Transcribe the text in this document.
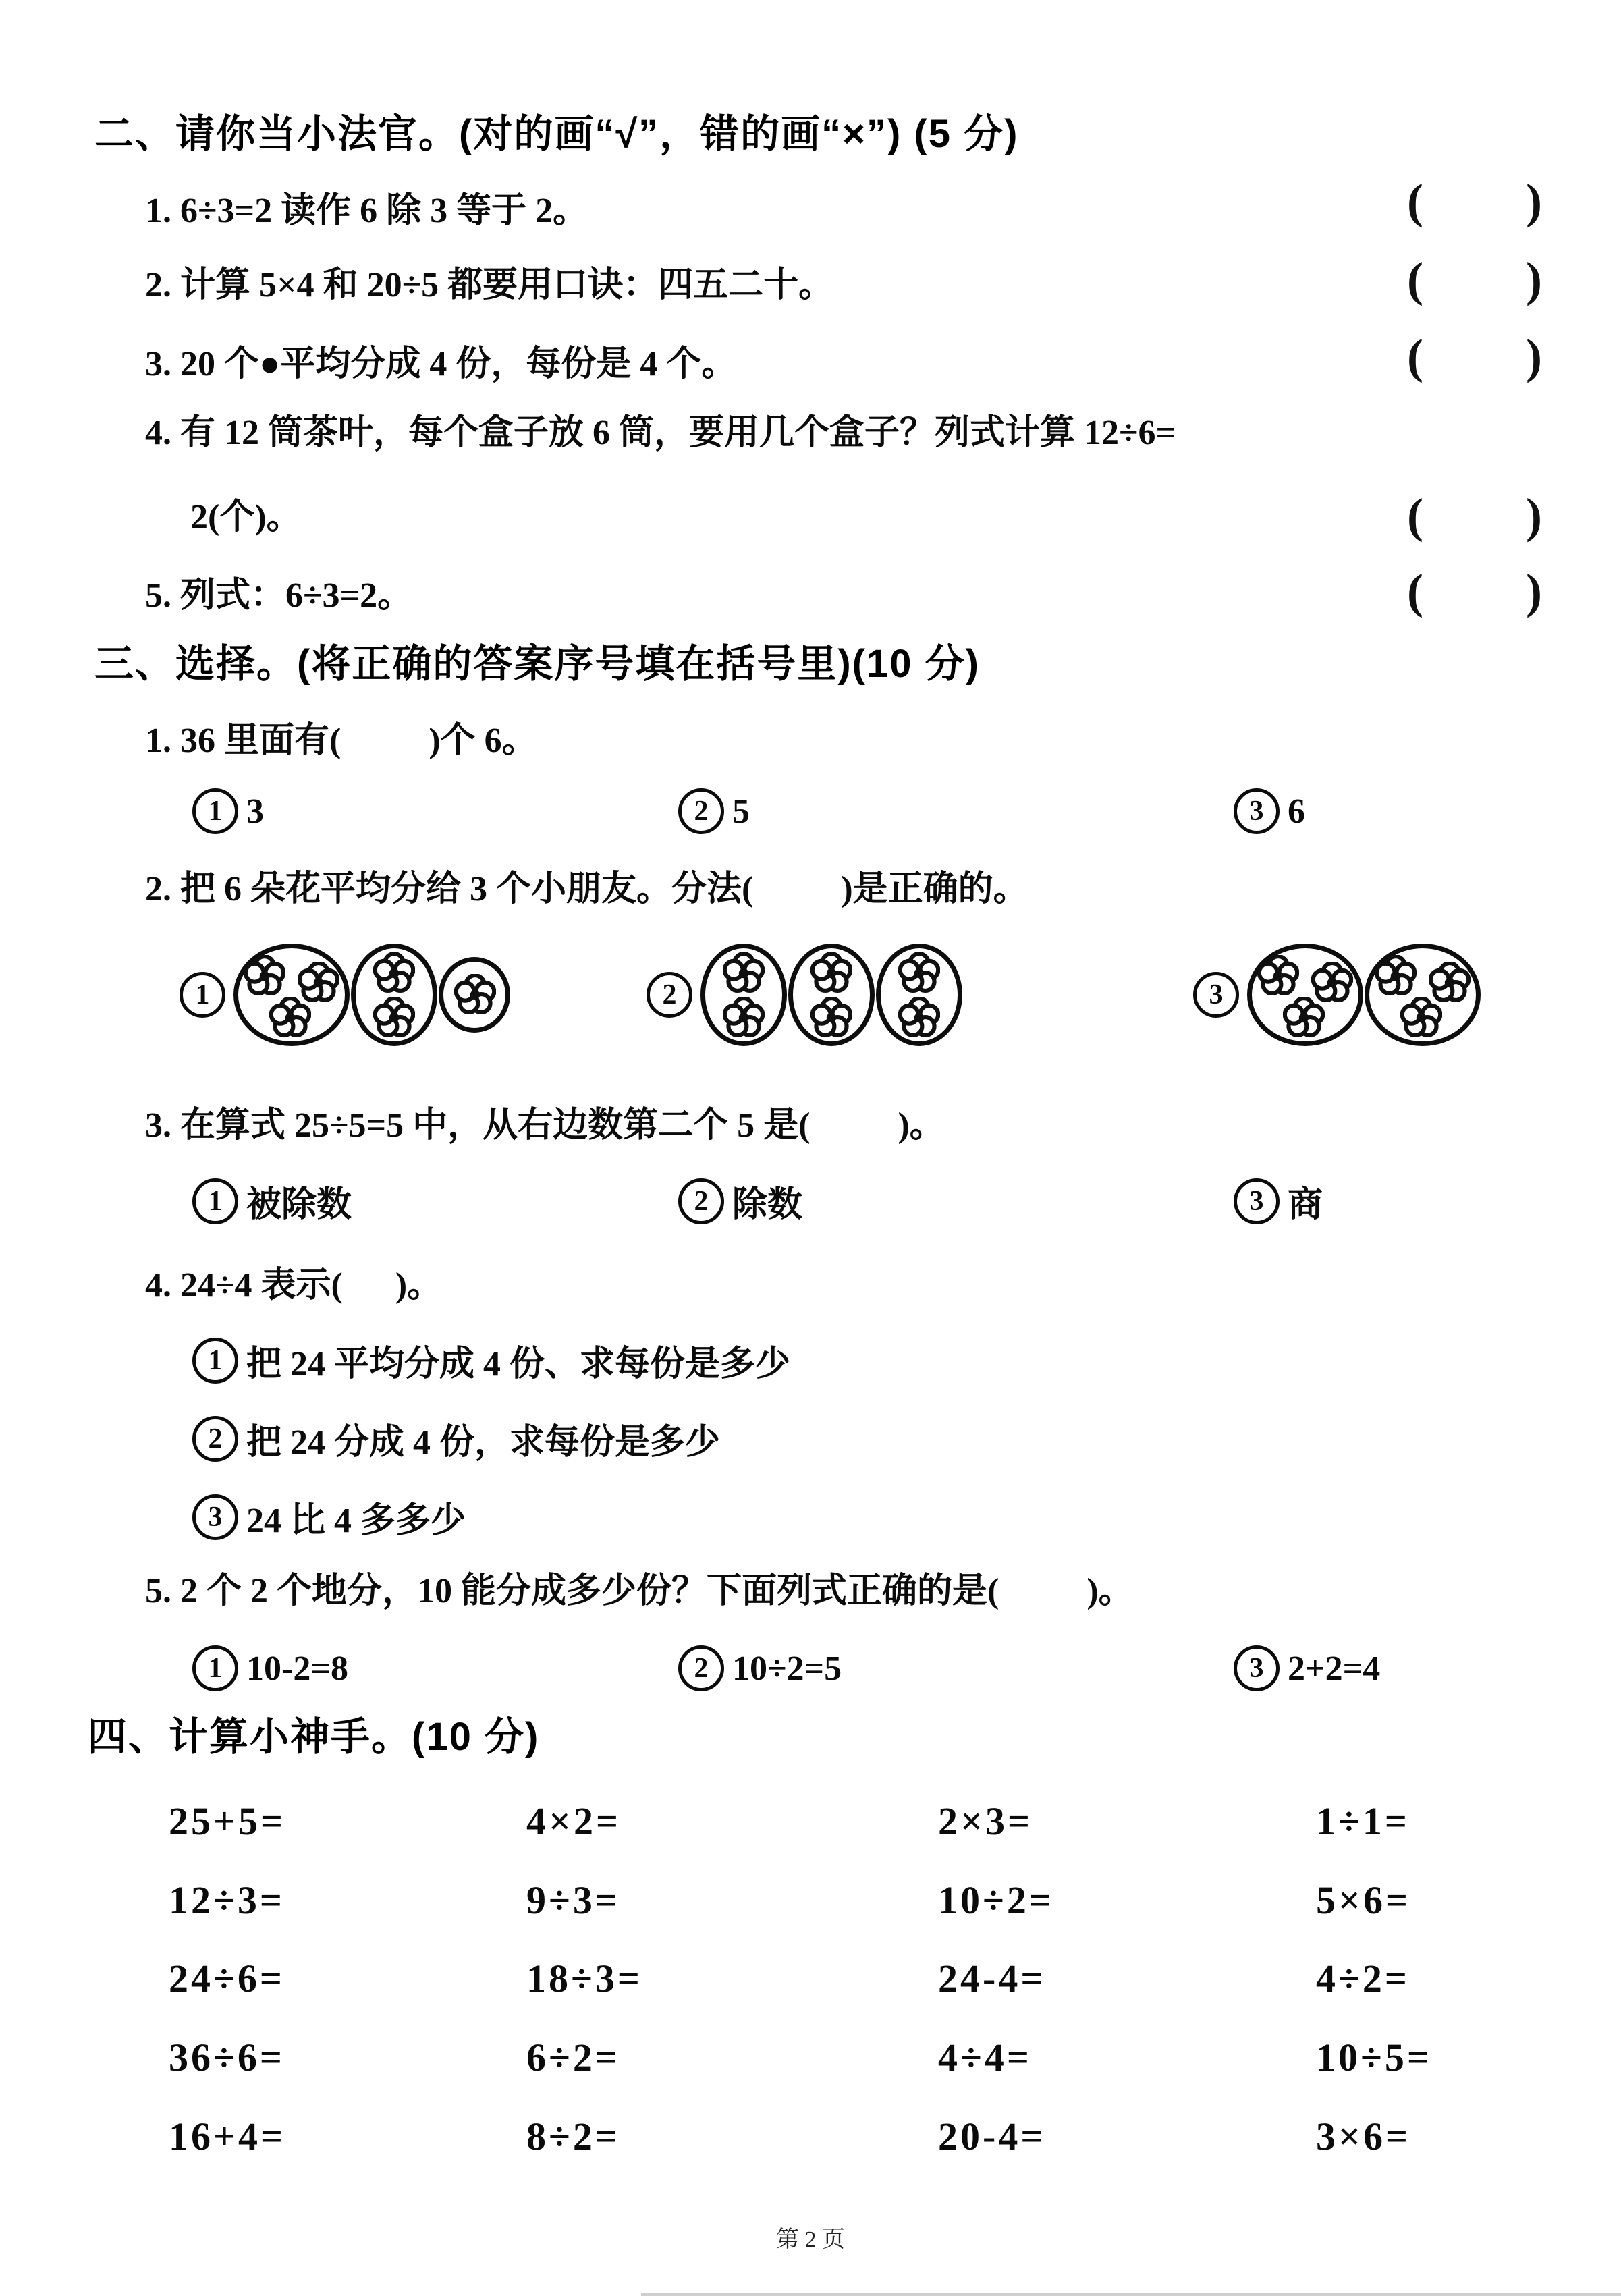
二、请你当小法官。(对的画“√”，错的画“×”) (5 分)
1. 6÷3=2 读作 6 除 3 等于 2。
2. 计算 5×4 和 20÷5 都要用口诀：四五二十。
3. 20 个●平均分成 4 份，每份是 4 个。
4. 有 12 筒茶叶，每个盒子放 6 筒，要用几个盒子？列式计算 12÷6=
2(个)。
5. 列式：6÷3=2。
( )
( )
( )
( )
( )
三、选择。(将正确的答案序号填在括号里)(10 分)
1. 36 里面有(          )个 6。
1 3	2 5	3 6
2. 把 6 朵花平均分给 3 个小朋友。分法(          )是正确的。
1	2	3
3. 在算式 25÷5=5 中，从右边数第二个 5 是(          )。
1 被除数	2 除数	3 商
4. 24÷4 表示(      )。
1 把 24 平均分成 4 份、求每份是多少
2 把 24 分成 4 份，求每份是多少
3 24 比 4 多多少
5. 2 个 2 个地分，10 能分成多少份？下面列式正确的是(          )。
1 10-2=8	2 10÷2=5	3 2+2=4
四、计算小神手。(10 分)
25+5=	4×2=	2×3=	1÷1=
12÷3=	9÷3=	10÷2=	5×6=
24÷6=	18÷3=	24-4=	4÷2=
36÷6=	6÷2=	4÷4=	10÷5=
16+4=	8÷2=	20-4=	3×6=
第 2 页
